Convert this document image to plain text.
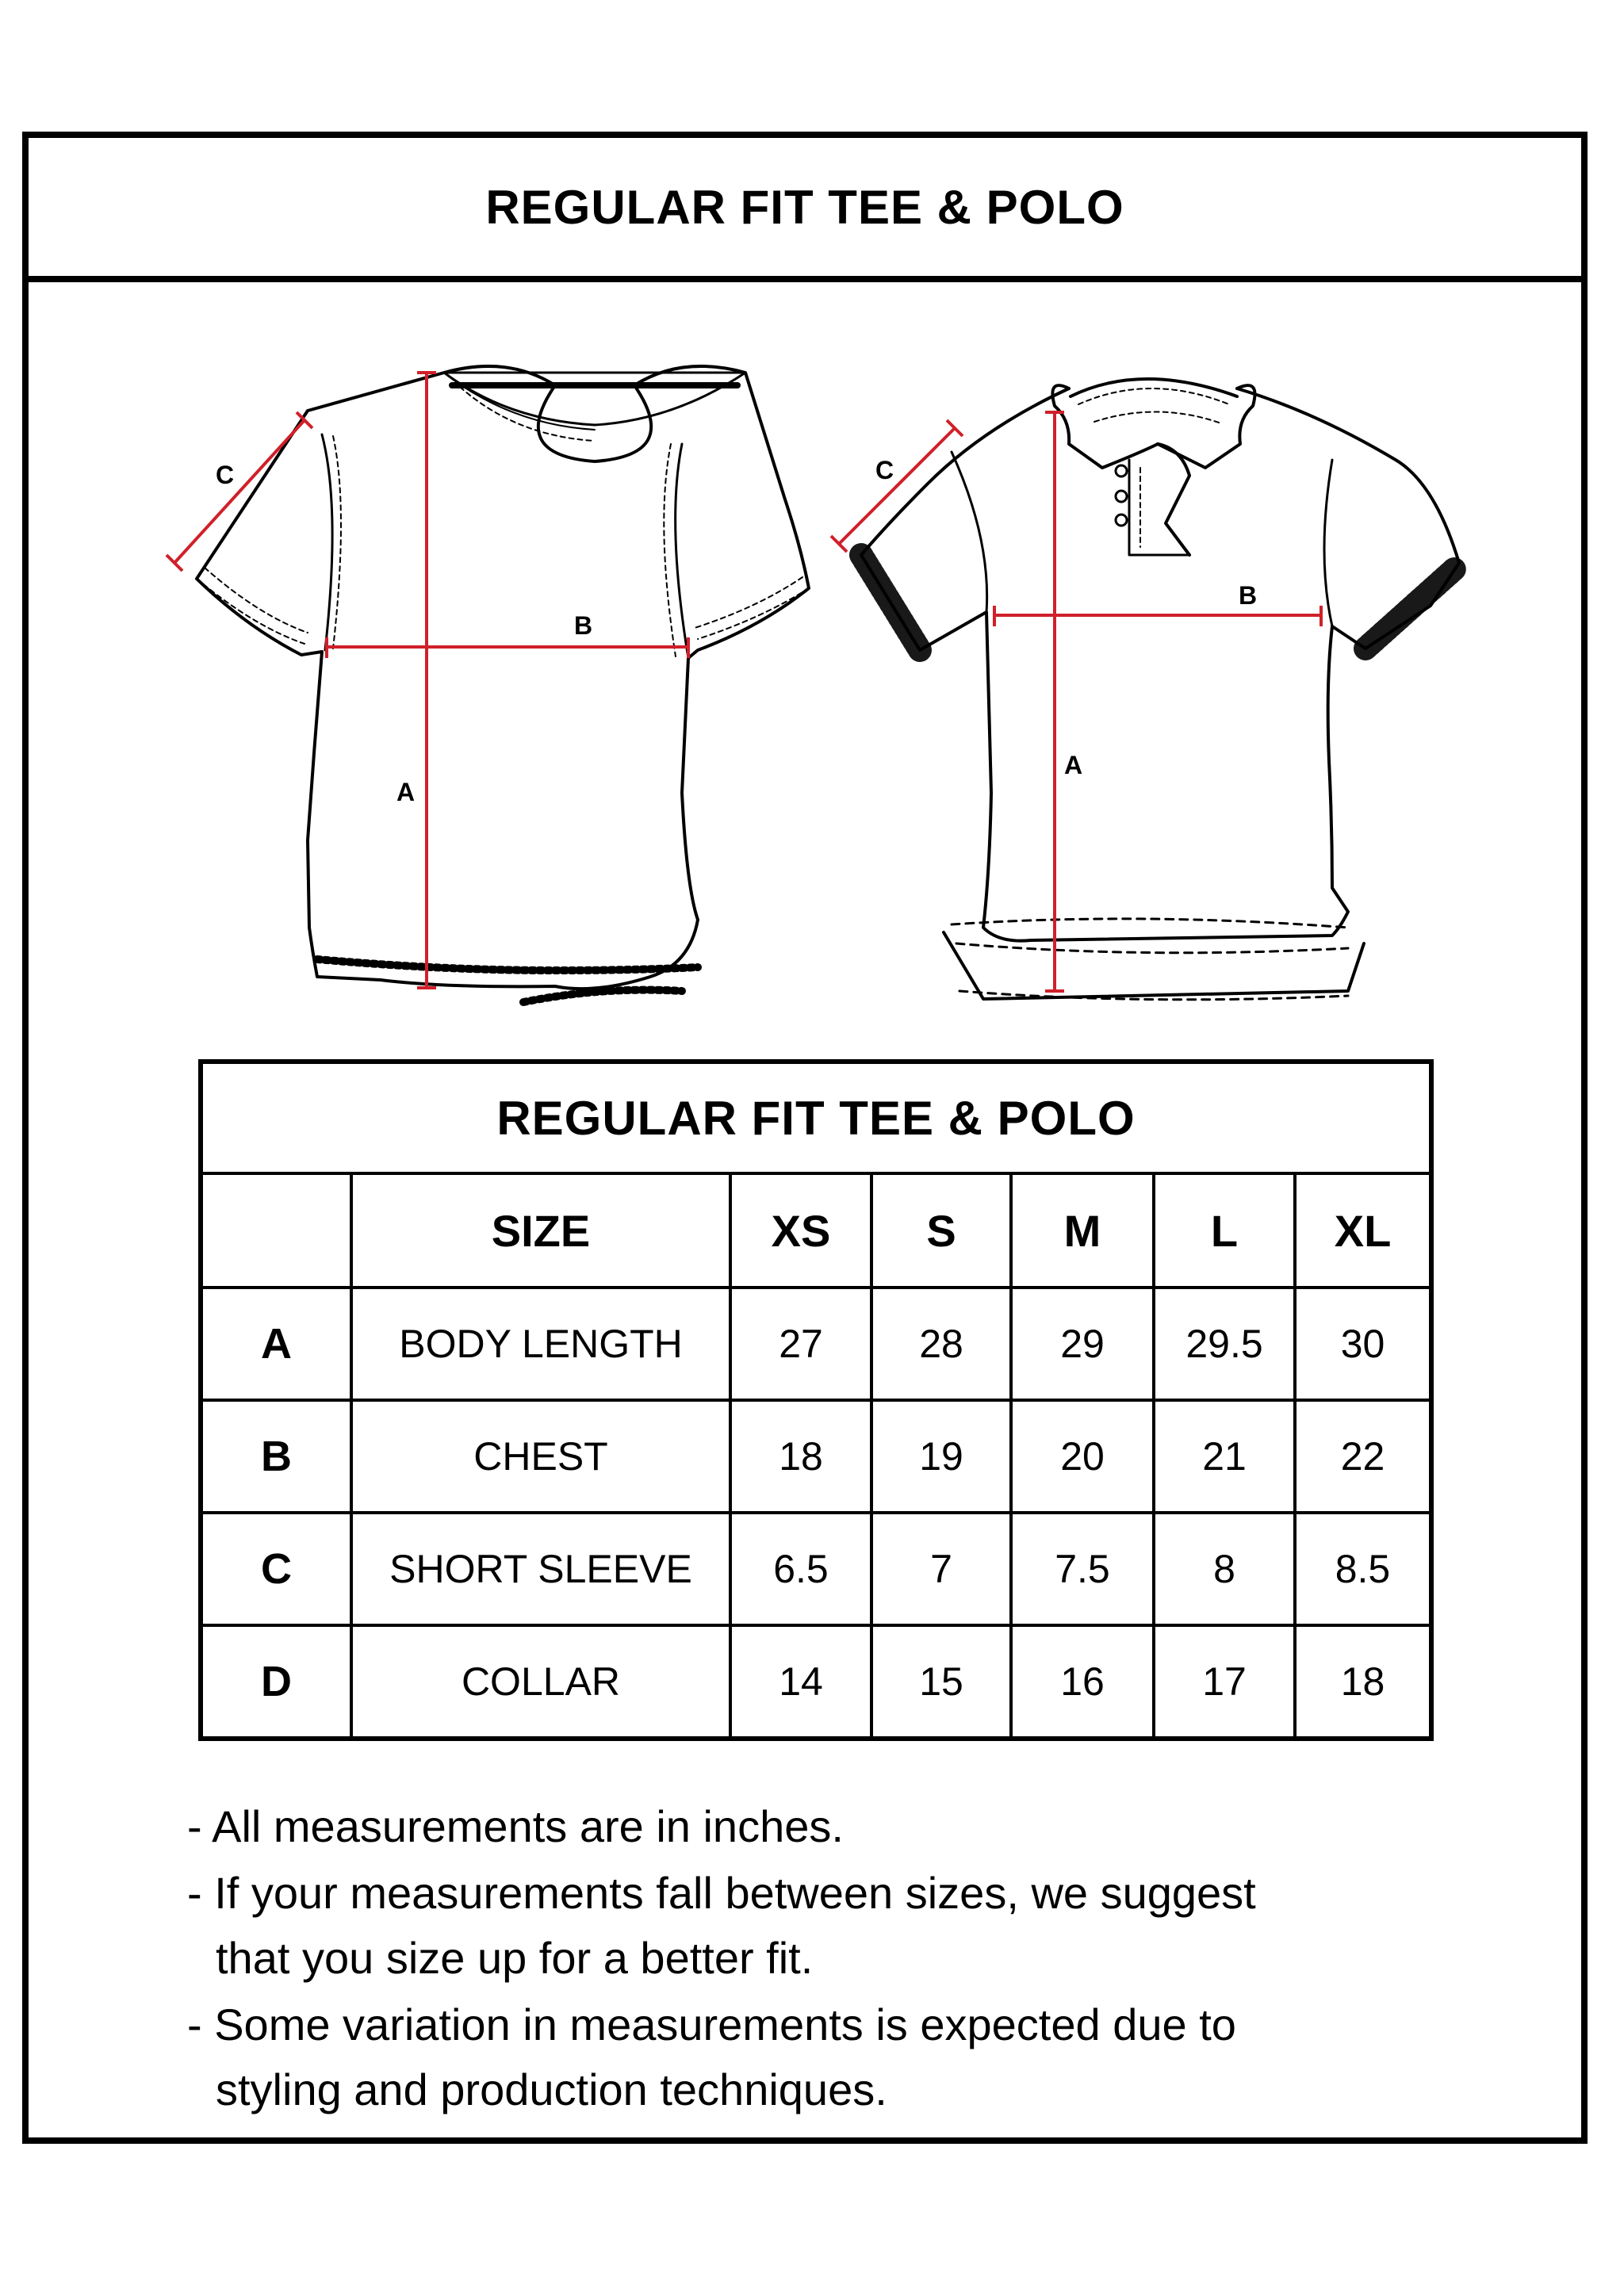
REGULAR FIT TEE & POLO
C
B
A
C
B
A
REGULAR FIT TEE & POLO						
	SIZE	XS	S	M	L	XL
A	BODY LENGTH	27	28	29	29.5	30
B	CHEST	18	19	20	21	22
C	SHORT SLEEVE	6.5	7	7.5	8	8.5
D	COLLAR	14	15	16	17	18
- All measurements are in inches.
- If your measurements fall between sizes, we suggest
that you size up for a better fit.
- Some variation in measurements is expected due to
styling and production techniques.
